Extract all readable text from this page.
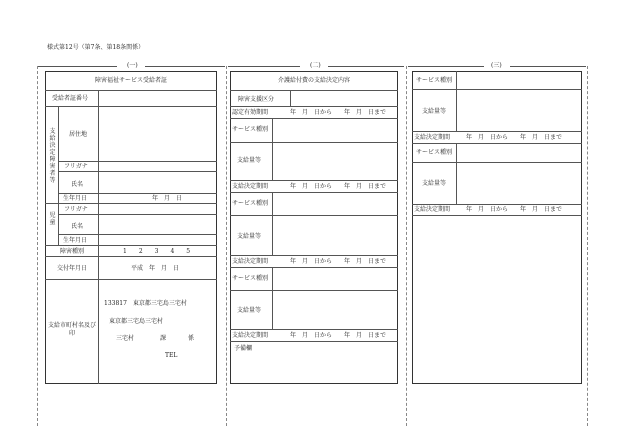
様式第12号（第7条、第18条関係）
(一)	(二)	(三)
障害福祉サービス受給者証
受給者証番号
支給決定障害者等
居住地
フリガナ
氏名
生年月日	年　月　日
児童
フリガナ
氏名
生年月日
障害種別	1　　2　　3　　4　　5
交付年月日	平成　年　月　日
支給市町村名及び印
133817　東京都三宅島三宅村
東京都三宅島三宅村
三宅村	課	係
TEL
介護給付費の支給決定内容
障害支援区分
認定有効期間	年　月　日から　　年　月　日まで
サービス種別
支給量等
支給決定期間	年　月　日から　　年　月　日まで
サービス種別
支給量等
支給決定期間	年　月　日から　　年　月　日まで
サービス種別
支給量等
支給決定期間	年　月　日から　　年　月　日まで
予備欄
サービス種別
支給量等
支給決定期間	年　月　日から　　年　月　日まで
サービス種別
支給量等
支給決定期間	年　月　日から　　年　月　日まで
